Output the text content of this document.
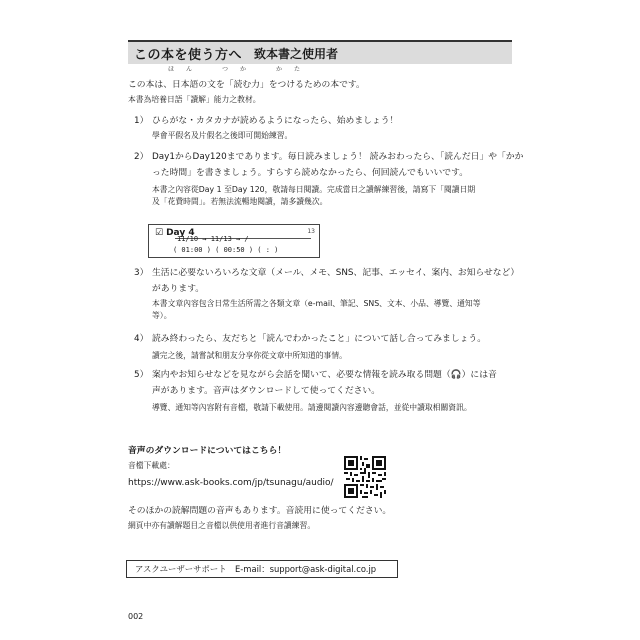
この本を使う方へ 致本書之使用者
ほん　つか　かた
この本は、日本語の文を「読む力」をつけるための本です。
本書為培養日語「讀解」能力之教材。
1） ひらがな・カタカナが読めるようになったら、始めましょう！
學會平假名及片假名之後即可開始練習。
2） Day1からDay120まであります。毎日読みましょう！ 読みおわったら、「読んだ日」や「かか
った時間」を書きましょう。すらすら読めなかったら、何回読んでもいいです。
本書之內容從Day 1 至Day 120，敬請每日閱讀。完成當日之讀解練習後，請寫下「閱讀日期
及「花費時間」。若無法流暢地閱讀，請多讀幾次。
☑ Day 4	13
11/10 → 11/13 → /
( 01:00 ) ( 00:50 ) ( : )
3） 生活に必要ないろいろな文章（メール、メモ、SNS、記事、エッセイ、案内、お知らせなど）
があります。
本書文章內容包含日常生活所需之各類文章（e-mail、筆記、SNS、文本、小品、導覽、通知等
等）。
4） 読み終わったら、友だちと「読んでわかったこと」について話し合ってみましょう。
讀完之後，請嘗試和朋友分享你從文章中所知道的事情。
5） 案内やお知らせなどを見ながら会話を聞いて、必要な情報を読み取る問題（🎧）には音
声があります。音声はダウンロードして使ってください。
導覽、通知等內容附有音檔，敬請下載使用。請邊閱讀內容邊聽會話，並從中讀取相關資訊。
音声のダウンロードについてはこちら！
音檔下載處：
https://www.ask-books.com/jp/tsunagu/audio/
そのほかの読解問題の音声もあります。音読用に使ってください。
網頁中亦有讀解題目之音檔以供使用者進行音讀練習。
アスクユーザーサポート　E-mail：support@ask-digital.co.jp
002
